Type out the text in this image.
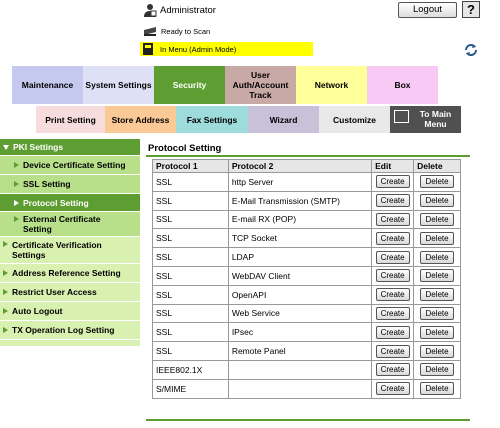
Administrator	Logout	?
Ready to Scan
In Menu (Admin Mode)
Maintenance	System Settings	Security
User Auth/Account Track
Network	Box
Print Setting	Store Address	Fax Settings	Wizard	Customize
To Main Menu
PKI Settings
Device Certificate Setting
SSL Setting
Protocol Setting
External Certificate Setting
Certificate Verification Settings
Address Reference Setting
Restrict User Access
Auto Logout
TX Operation Log Setting
Protocol Setting
Protocol 1	Protocol 2	Edit	Delete
SSL	http Server	Create	Delete
SSL	E-Mail Transmission (SMTP)	Create	Delete
SSL	E-mail RX (POP)	Create	Delete
SSL	TCP Socket	Create	Delete
SSL	LDAP	Create	Delete
SSL	WebDAV Client	Create	Delete
SSL	OpenAPI	Create	Delete
SSL	Web Service	Create	Delete
SSL	IPsec	Create	Delete
SSL	Remote Panel	Create	Delete
IEEE802.1X		Create	Delete
S/MIME		Create	Delete
